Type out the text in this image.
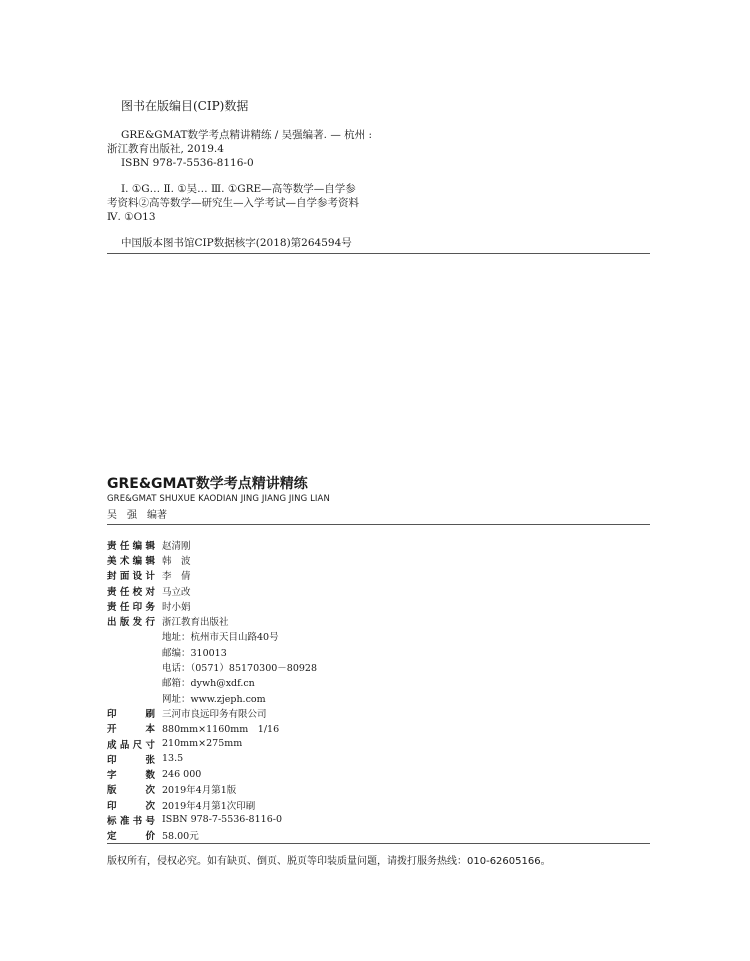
图书在版编目(CIP)数据
GRE&GMAT数学考点精讲精练 / 吴强编著. — 杭州 :
浙江教育出版社, 2019.4
ISBN 978-7-5536-8116-0
Ⅰ. ①G… Ⅱ. ①吴… Ⅲ. ①GRE—高等数学—自学参
考资料②高等数学—研究生—入学考试—自学参考资料
Ⅳ. ①O13
中国版本图书馆CIP数据核字(2018)第264594号
GRE&GMAT数学考点精讲精练
GRE&GMAT SHUXUE KAODIAN JING JIANG JING LIAN
吴　强　编著
责任编辑 赵清刚
美术编辑 韩　波
封面设计 李　倩
责任校对 马立改
责任印务 时小娟
出版发行 浙江教育出版社
地址：杭州市天目山路40号
邮编：310013
电话：（0571）85170300－80928
邮箱：dywh@xdf.cn
网址：www.zjeph.com
印刷 三河市良远印务有限公司
开本 880mm×1160mm　1/16
成品尺寸 210mm×275mm
印张 13.5
字数 246 000
版次 2019年4月第1版
印次 2019年4月第1次印刷
标准书号 ISBN 978-7-5536-8116-0
定价 58.00元
版权所有，侵权必究。如有缺页、倒页、脱页等印装质量问题，请拨打服务热线：010-62605166。
